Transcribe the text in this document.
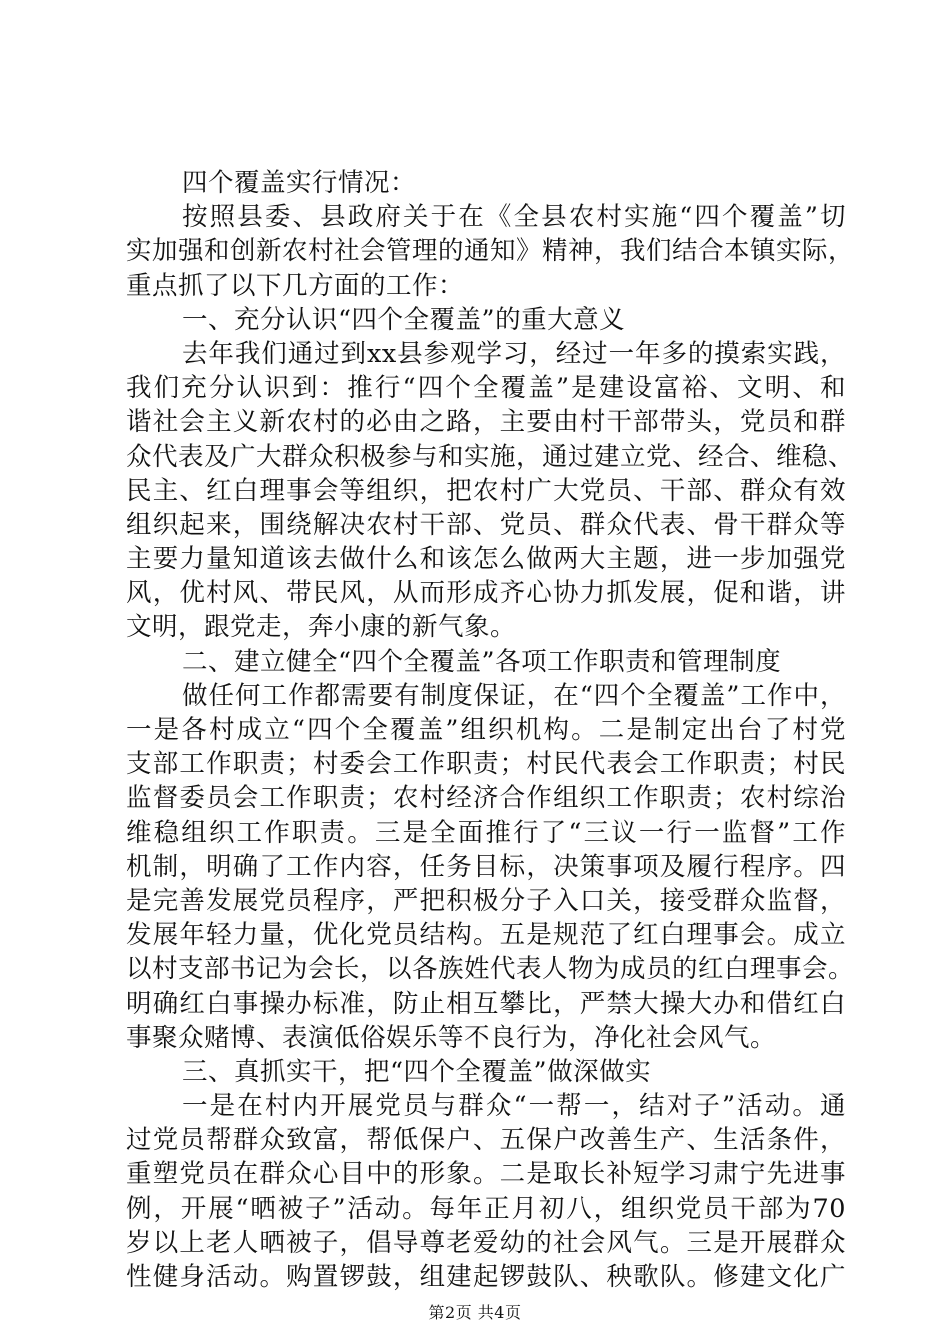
四个覆盖实行情况：
按照县委、县政府关于在《全县农村实施“四个覆盖”切
实加强和创新农村社会管理的通知》精神，我们结合本镇实际，
重点抓了以下几方面的工作：
一、充分认识“四个全覆盖”的重大意义
去年我们通过到xx县参观学习，经过一年多的摸索实践，
我们充分认识到：推行“四个全覆盖”是建设富裕、文明、和
谐社会主义新农村的必由之路，主要由村干部带头，党员和群
众代表及广大群众积极参与和实施，通过建立党、经合、维稳、
民主、红白理事会等组织，把农村广大党员、干部、群众有效
组织起来，围绕解决农村干部、党员、群众代表、骨干群众等
主要力量知道该去做什么和该怎么做两大主题，进一步加强党
风，优村风、带民风，从而形成齐心协力抓发展，促和谐，讲
文明，跟党走，奔小康的新气象。
二、建立健全“四个全覆盖”各项工作职责和管理制度
做任何工作都需要有制度保证，在“四个全覆盖”工作中，
一是各村成立“四个全覆盖”组织机构。二是制定出台了村党
支部工作职责；村委会工作职责；村民代表会工作职责；村民
监督委员会工作职责；农村经济合作组织工作职责；农村综治
维稳组织工作职责。三是全面推行了“三议一行一监督”工作
机制，明确了工作内容，任务目标，决策事项及履行程序。四
是完善发展党员程序，严把积极分子入口关，接受群众监督，
发展年轻力量，优化党员结构。五是规范了红白理事会。成立
以村支部书记为会长，以各族姓代表人物为成员的红白理事会。
明确红白事操办标准，防止相互攀比，严禁大操大办和借红白
事聚众赌博、表演低俗娱乐等不良行为，净化社会风气。
三、真抓实干，把“四个全覆盖”做深做实
一是在村内开展党员与群众“一帮一，结对子”活动。通
过党员帮群众致富，帮低保户、五保户改善生产、生活条件，
重塑党员在群众心目中的形象。二是取长补短学习肃宁先进事
例，开展“晒被子”活动。每年正月初八，组织党员干部为70
岁以上老人晒被子，倡导尊老爱幼的社会风气。三是开展群众
性健身活动。购置锣鼓，组建起锣鼓队、秧歌队。修建文化广
第2页 共4页
